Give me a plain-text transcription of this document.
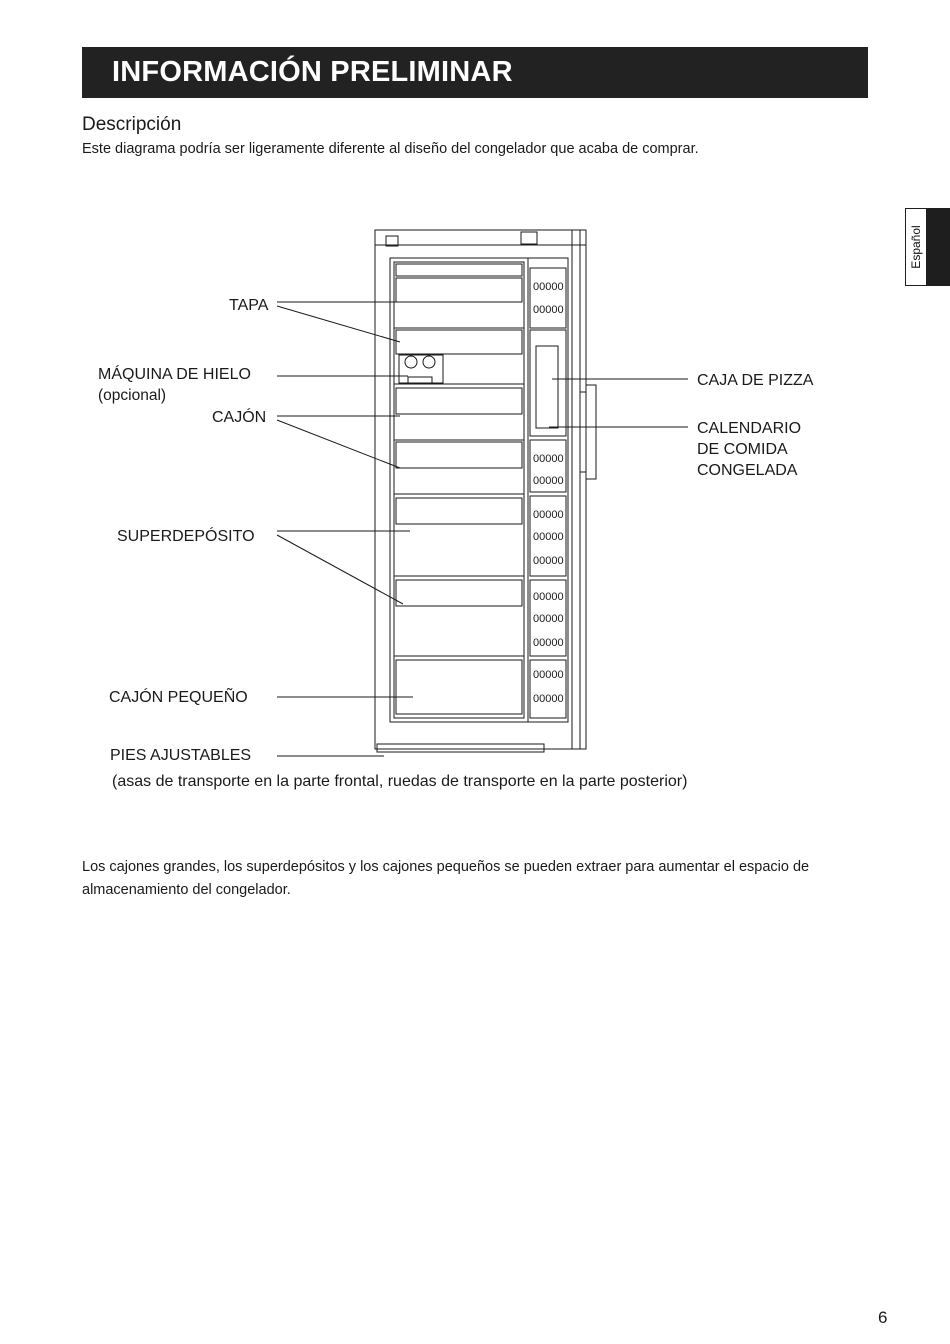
INFORMACIÓN PRELIMINAR
Español
Descripción
Este diagrama podría ser ligeramente diferente al diseño del congelador que acaba de comprar.
00000
00000
00000
00000
00000
00000
00000
00000
00000
00000
00000
00000
TAPA
MÁQUINA DE HIELO
(opcional)
CAJÓN
SUPERDEPÓSITO
CAJÓN PEQUEÑO
PIES AJUSTABLES
(asas de transporte en la parte frontal, ruedas de transporte en la parte posterior)
CAJA DE PIZZA
CALENDARIO
DE COMIDA
CONGELADA
Los cajones grandes, los superdepósitos y los cajones pequeños se pueden extraer para aumentar el espacio de almacenamiento del congelador.
6
